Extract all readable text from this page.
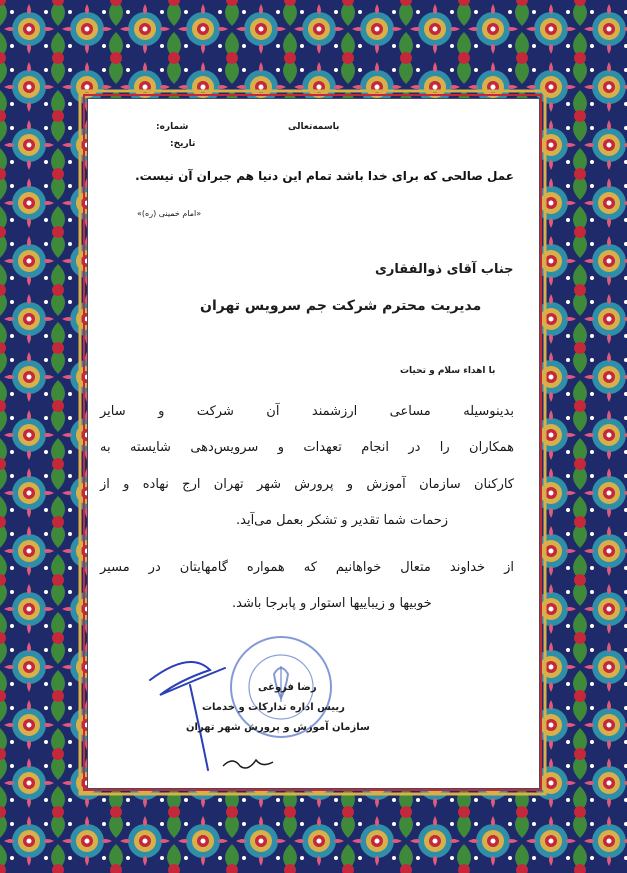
شماره:
تاریخ:
باسمه‌تعالی
عمل صالحی که برای خدا باشد تمام این دنیا هم جبران آن نیست.
«امام خمینی (ره)»
جناب آقای ذوالفقاری
مدیریت محترم شرکت جم سرویس تهران
با اهداء سلام و تحیات
بدینوسیله مساعی ارزشمند آن شرکت و سایر
همکاران را در انجام تعهدات و سرویس‌دهی شایسته به
کارکنان سازمان آموزش و پرورش شهر تهران ارج نهاده و از
زحمات شما تقدیر و تشکر بعمل می‌آید.
از خداوند متعال خواهانیم که همواره گامهایتان در مسیر
خوبیها و زیباییها استوار و پابرجا باشد.
رضا فروغی
رییس اداره تدارکات و خدمات
سازمان آموزش و پرورش شهر تهران
